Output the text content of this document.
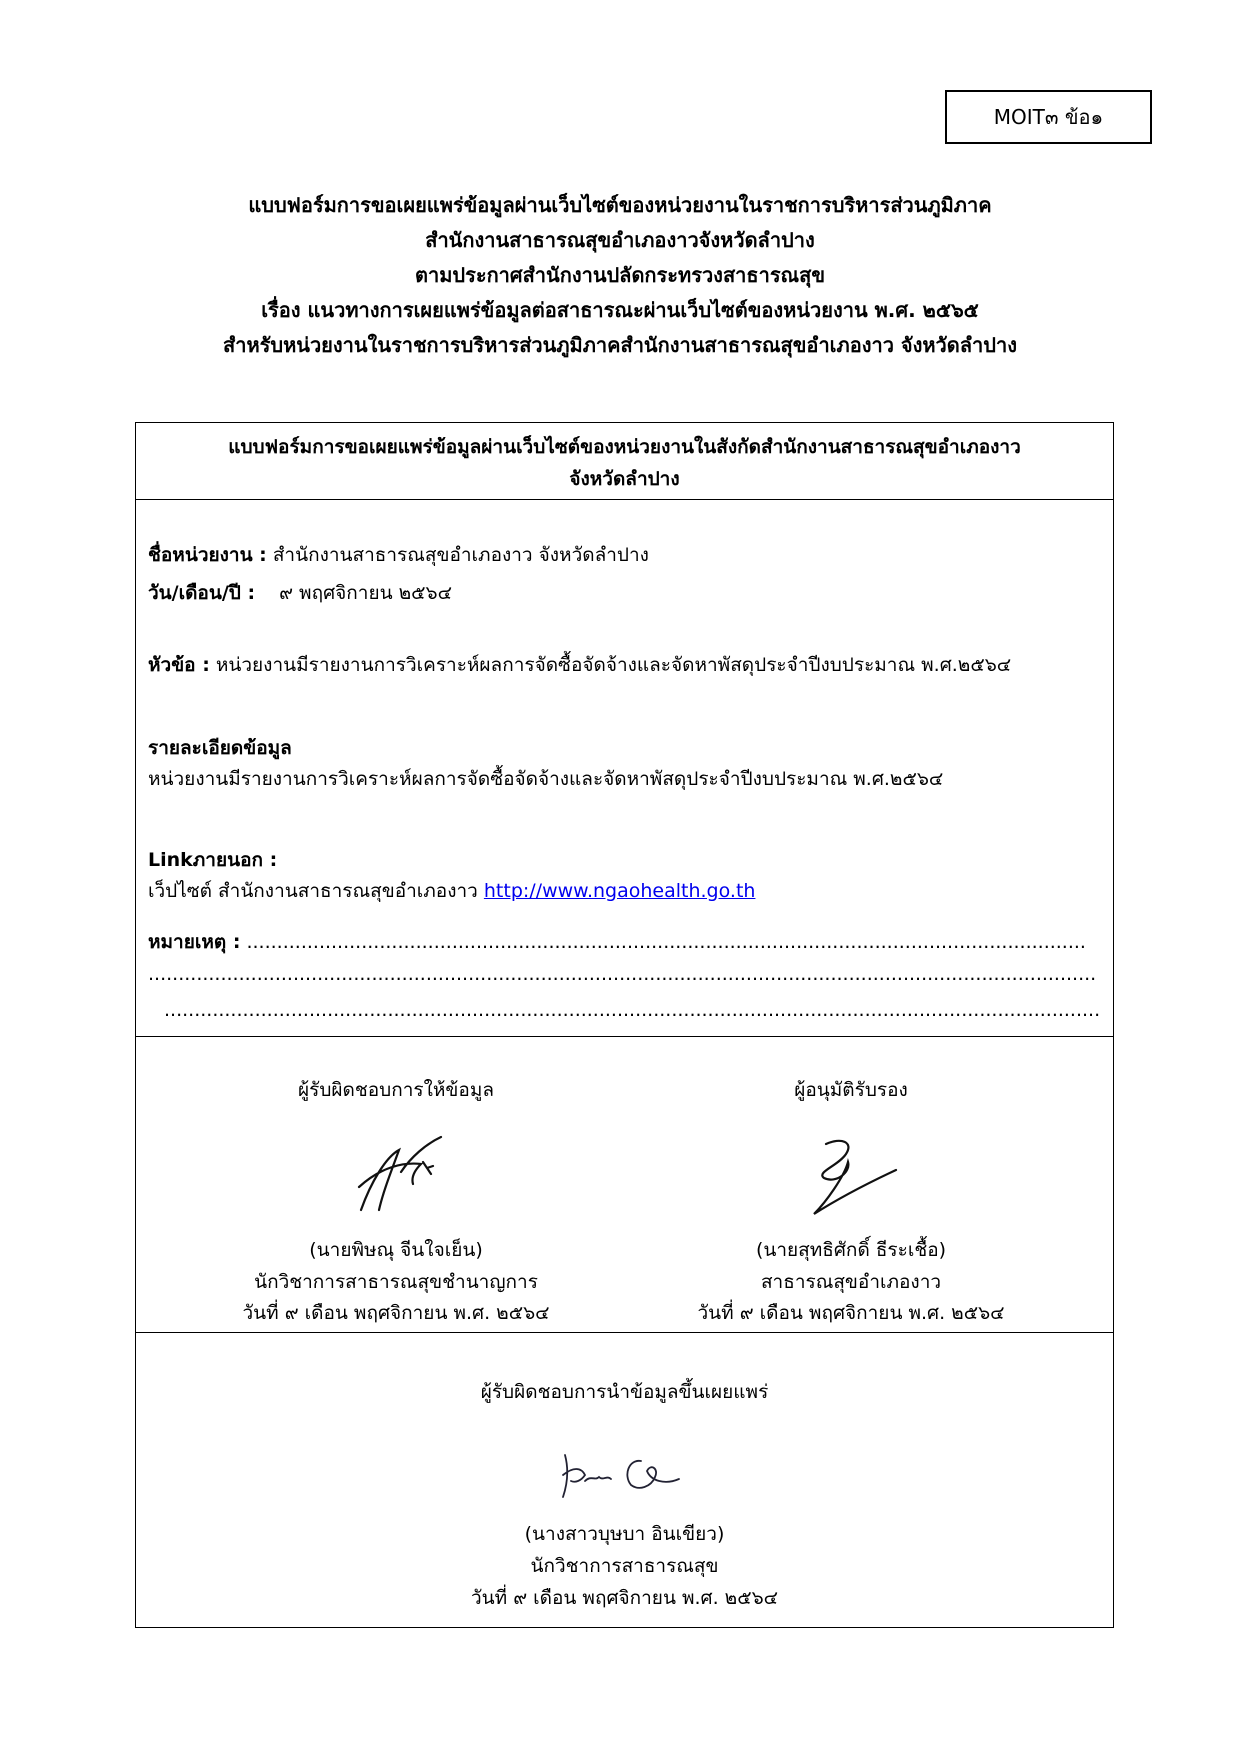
MOIT๓ ข้อ๑
แบบฟอร์มการขอเผยแพร่ข้อมูลผ่านเว็บไซต์ของหน่วยงานในราชการบริหารส่วนภูมิภาค
สำนักงานสาธารณสุขอำเภองาวจังหวัดลำปาง
ตามประกาศสำนักงานปลัดกระทรวงสาธารณสุข
เรื่อง แนวทางการเผยแพร่ข้อมูลต่อสาธารณะผ่านเว็บไซต์ของหน่วยงาน พ.ศ. ๒๕๖๕
สำหรับหน่วยงานในราชการบริหารส่วนภูมิภาคสำนักงานสาธารณสุขอำเภองาว จังหวัดลำปาง
แบบฟอร์มการขอเผยแพร่ข้อมูลผ่านเว็บไซต์ของหน่วยงานในสังกัดสำนักงานสาธารณสุขอำเภองาว
จังหวัดลำปาง
ชื่อหน่วยงาน : สำนักงานสาธารณสุขอำเภองาว จังหวัดลำปาง
วัน/เดือน/ปี : ๙ พฤศจิกายน ๒๕๖๔
หัวข้อ : หน่วยงานมีรายงานการวิเคราะห์ผลการจัดซื้อจัดจ้างและจัดหาพัสดุประจำปีงบประมาณ พ.ศ.๒๕๖๔
รายละเอียดข้อมูล
หน่วยงานมีรายงานการวิเคราะห์ผลการจัดซื้อจัดจ้างและจัดหาพัสดุประจำปีงบประมาณ พ.ศ.๒๕๖๔
Linkภายนอก :
เว็ปไซต์ สำนักงานสาธารณสุขอำเภองาว http://www.ngaohealth.go.th
หมายเหตุ : ...........................................................................................................................................
.............................................................................................................................................................
...........................................................................................................................................................
ผู้รับผิดชอบการให้ข้อมูล
(นายพิษณุ จีนใจเย็น)
นักวิชาการสาธารณสุขชำนาญการ
วันที่ ๙ เดือน พฤศจิกายน พ.ศ. ๒๕๖๔
ผู้อนุมัติรับรอง
(นายสุทธิศักดิ์ ธีระเชื้อ)
สาธารณสุขอำเภองาว
วันที่ ๙ เดือน พฤศจิกายน พ.ศ. ๒๕๖๔
ผู้รับผิดชอบการนำข้อมูลขึ้นเผยแพร่
(นางสาวบุษบา อินเขียว)
นักวิชาการสาธารณสุข
วันที่ ๙ เดือน พฤศจิกายน พ.ศ. ๒๕๖๔
